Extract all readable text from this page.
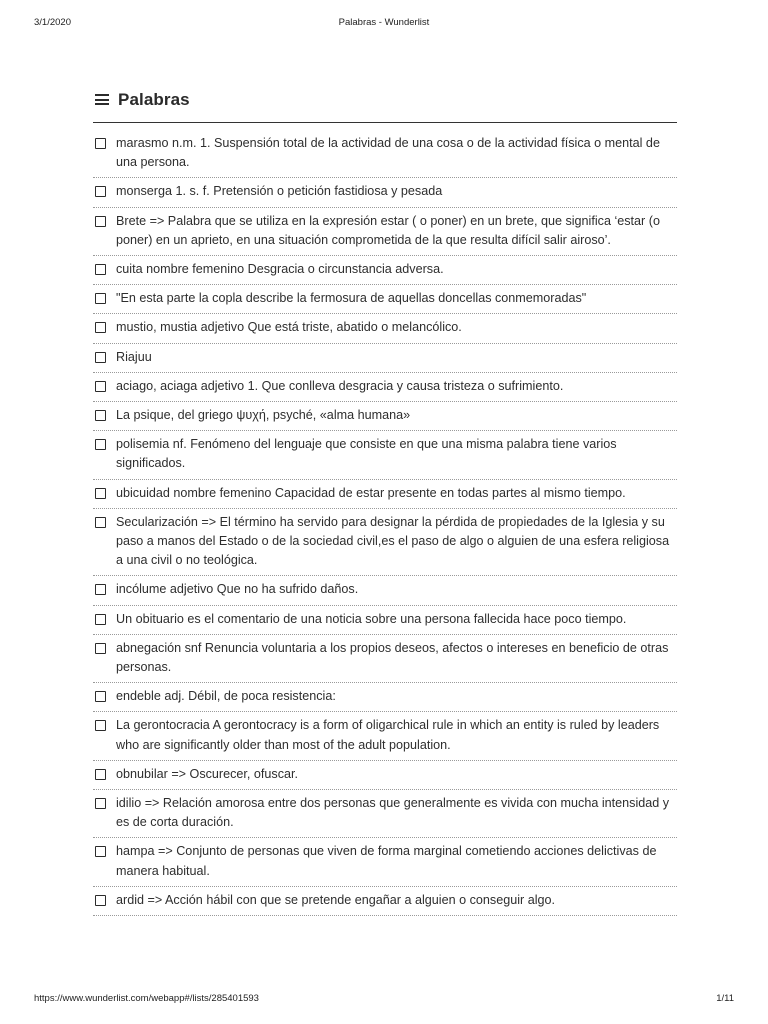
3/1/2020	Palabras - Wunderlist
Palabras
marasmo n.m. 1. Suspensión total de la actividad de una cosa o de la actividad física o mental de una persona.
monserga 1. s. f. Pretensión o petición fastidiosa y pesada
Brete => Palabra que se utiliza en la expresión estar ( o poner) en un brete, que significa ‘estar (o poner) en un aprieto, en una situación comprometida de la que resulta difícil salir airoso’.
cuita nombre femenino Desgracia o circunstancia adversa.
"En esta parte la copla describe la fermosura de aquellas doncellas conmemoradas"
mustio, mustia adjetivo Que está triste, abatido o melancólico.
Riajuu
aciago, aciaga adjetivo 1. Que conlleva desgracia y causa tristeza o sufrimiento.
La psique, del griego ψυχή, psyché, «alma humana»
polisemia nf. Fenómeno del lenguaje que consiste en que una misma palabra tiene varios significados.
ubicuidad nombre femenino Capacidad de estar presente en todas partes al mismo tiempo.
Secularización => El término ha servido para designar la pérdida de propiedades de la Iglesia y su paso a manos del Estado o de la sociedad civil,es el paso de algo o alguien de una esfera religiosa a una civil o no teológica.
incólume adjetivo Que no ha sufrido daños.
Un obituario es el comentario de una noticia sobre una persona fallecida hace poco tiempo.
abnegación snf Renuncia voluntaria a los propios deseos, afectos o intereses en beneficio de otras personas.
endeble adj. Débil, de poca resistencia:
La gerontocracia A gerontocracy is a form of oligarchical rule in which an entity is ruled by leaders who are significantly older than most of the adult population.
obnubilar => Oscurecer, ofuscar.
idilio => Relación amorosa entre dos personas que generalmente es vivida con mucha intensidad y es de corta duración.
hampa => Conjunto de personas que viven de forma marginal cometiendo acciones delictivas de manera habitual.
ardid => Acción hábil con que se pretende engañar a alguien o conseguir algo.
https://www.wunderlist.com/webapp#/lists/285401593	1/11
